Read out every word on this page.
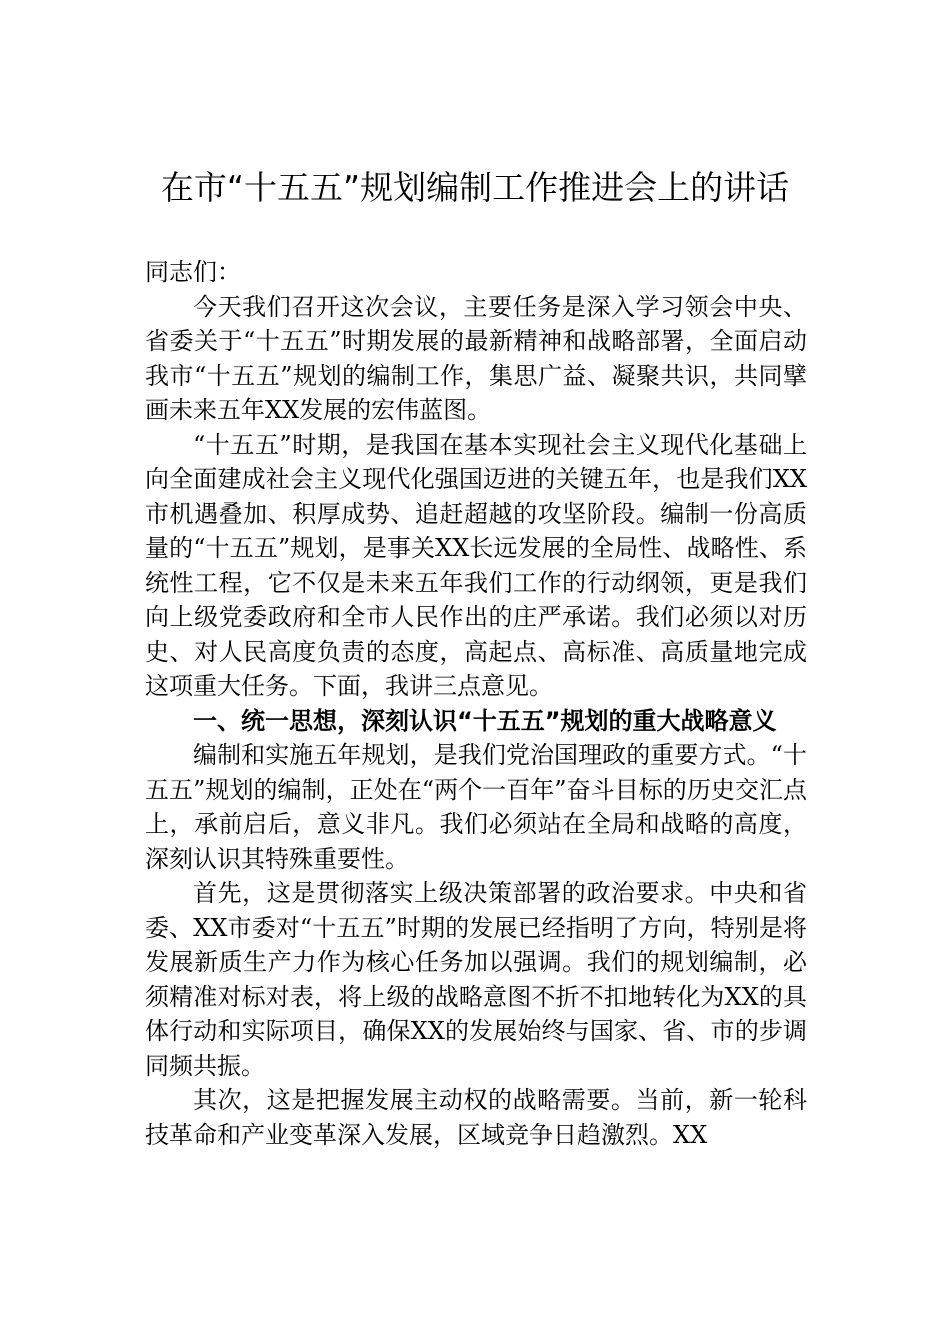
在市“十五五”规划编制工作推进会上的讲话

同志们：

今天我们召开这次会议，主要任务是深入学习领会中央、省委关于“十五五”时期发展的最新精神和战略部署，全面启动我市“十五五”规划的编制工作，集思广益、凝聚共识，共同擘画未来五年XX发展的宏伟蓝图。

“十五五”时期，是我国在基本实现社会主义现代化基础上向全面建成社会主义现代化强国迈进的关键五年，也是我们XX市机遇叠加、积厚成势、追赶超越的攻坚阶段。编制一份高质量的“十五五”规划，是事关XX长远发展的全局性、战略性、系统性工程，它不仅是未来五年我们工作的行动纲领，更是我们向上级党委政府和全市人民作出的庄严承诺。我们必须以对历史、对人民高度负责的态度，高起点、高标准、高质量地完成这项重大任务。下面，我讲三点意见。

一、统一思想，深刻认识“十五五”规划的重大战略意义

编制和实施五年规划，是我们党治国理政的重要方式。“十五五”规划的编制，正处在“两个一百年”奋斗目标的历史交汇点上，承前启后，意义非凡。我们必须站在全局和战略的高度，深刻认识其特殊重要性。

首先，这是贯彻落实上级决策部署的政治要求。中央和省委、XX市委对“十五五”时期的发展已经指明了方向，特别是将发展新质生产力作为核心任务加以强调。我们的规划编制，必须精准对标对表，将上级的战略意图不折不扣地转化为XX的具体行动和实际项目，确保XX的发展始终与国家、省、市的步调同频共振。

其次，这是把握发展主动权的战略需要。当前，新一轮科技革命和产业变革深入发展，区域竞争日趋激烈。XX
